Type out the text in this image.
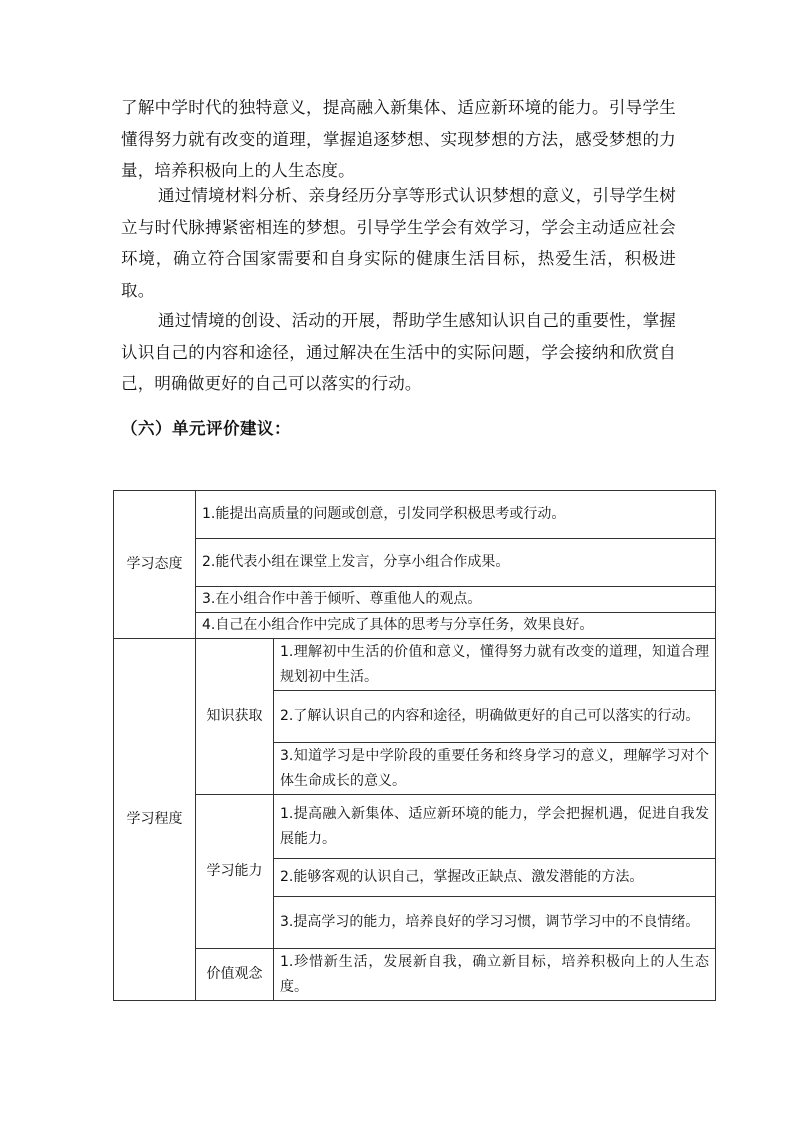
了解中学时代的独特意义，提高融入新集体、适应新环境的能力。引导学生懂得努力就有改变的道理，掌握追逐梦想、实现梦想的方法，感受梦想的力量，培养积极向上的人生态度。

通过情境材料分析、亲身经历分享等形式认识梦想的意义，引导学生树立与时代脉搏紧密相连的梦想。引导学生学会有效学习，学会主动适应社会环境，确立符合国家需要和自身实际的健康生活目标，热爱生活，积极进取。

通过情境的创设、活动的开展，帮助学生感知认识自己的重要性，掌握认识自己的内容和途径，通过解决在生活中的实际问题，学会接纳和欣赏自己，明确做更好的自己可以落实的行动。

（六）单元评价建议：

学习态度	1.能提出高质量的问题或创意，引发同学积极思考或行动。	
	2.能代表小组在课堂上发言，分享小组合作成果。	
	3.在小组合作中善于倾听、尊重他人的观点。	
	4.自己在小组合作中完成了具体的思考与分享任务，效果良好。	
学习程度	知识获取	1.理解初中生活的价值和意义，懂得努力就有改变的道理，知道合理规划初中生活。
		2.了解认识自己的内容和途径，明确做更好的自己可以落实的行动。
		3.知道学习是中学阶段的重要任务和终身学习的意义，理解学习对个体生命成长的意义。
	学习能力	1.提高融入新集体、适应新环境的能力，学会把握机遇，促进自我发展能力。
		2.能够客观的认识自己，掌握改正缺点、激发潜能的方法。
		3.提高学习的能力，培养良好的学习习惯，调节学习中的不良情绪。
	价值观念	1.珍惜新生活，发展新自我，确立新目标，培养积极向上的人生态度。
